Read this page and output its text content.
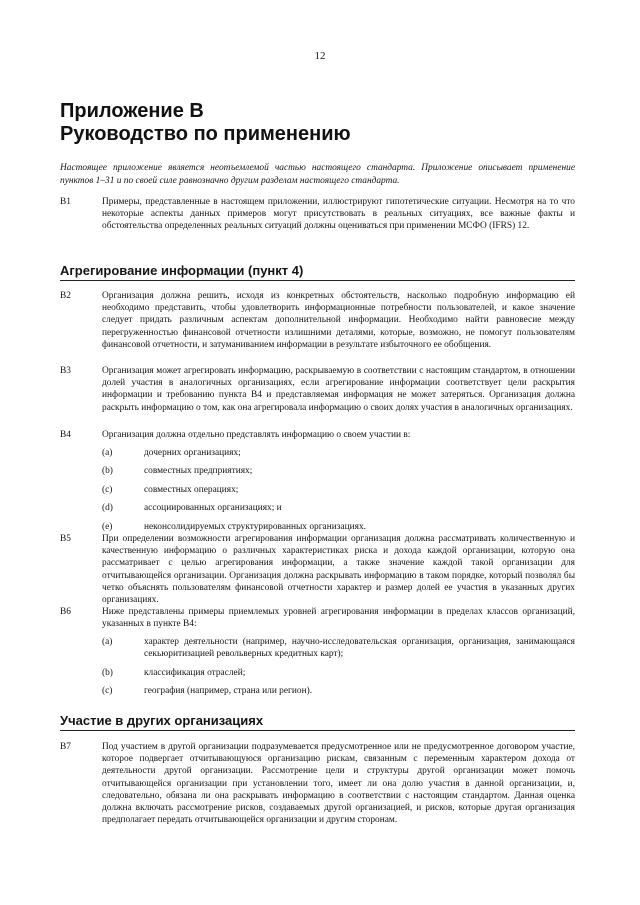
12
Приложение В
Руководство по применению
Настоящее приложение является неотъемлемой частью настоящего стандарта. Приложение описывает применение пунктов 1–31 и по своей силе равнозначно другим разделам настоящего стандарта.
B1	Примеры, представленные в настоящем приложении, иллюстрируют гипотетические ситуации. Несмотря на то что некоторые аспекты данных примеров могут присутствовать в реальных ситуациях, все важные факты и обстоятельства определенных реальных ситуаций должны оцениваться при применении МСФО (IFRS) 12.
Агрегирование информации (пункт 4)
B2	Организация должна решить, исходя из конкретных обстоятельств, насколько подробную информацию ей необходимо представить, чтобы удовлетворить информационные потребности пользователей, и какое значение следует придать различным аспектам дополнительной информации. Необходимо найти равновесие между перегруженностью финансовой отчетности излишними деталями, которые, возможно, не помогут пользователям финансовой отчетности, и затуманиванием информации в результате избыточного ее обобщения.
B3	Организация может агрегировать информацию, раскрываемую в соответствии с настоящим стандартом, в отношении долей участия в аналогичных организациях, если агрегирование информации соответствует цели раскрытия информации и требованию пункта B4 и представляемая информация не может затеряться. Организация должна раскрыть информацию о том, как она агрегировала информацию о своих долях участия в аналогичных организациях.
B4	Организация должна отдельно представлять информацию о своем участии в:
(a)	дочерних организациях;
(b)	совместных предприятиях;
(c)	совместных операциях;
(d)	ассоциированных организациях; и
(e)	неконсолидируемых структурированных организациях.
B5	При определении возможности агрегирования информации организация должна рассматривать количественную и качественную информацию о различных характеристиках риска и дохода каждой организации, которую она рассматривает с целью агрегирования информации, а также значение каждой такой организации для отчитывающейся организации. Организация должна раскрывать информацию в таком порядке, который позволял бы четко объяснять пользователям финансовой отчетности характер и размер долей ее участия в указанных других организациях.
B6	Ниже представлены примеры приемлемых уровней агрегирования информации в пределах классов организаций, указанных в пункте B4:
(a)	характер деятельности (например, научно-исследовательская организация, организация, занимающаяся секьюритизацией револьверных кредитных карт);
(b)	классификация отраслей;
(c)	география (например, страна или регион).
Участие в других организациях
B7	Под участием в другой организации подразумевается предусмотренное или не предусмотренное договором участие, которое подвергает отчитывающуюся организацию рискам, связанным с переменным характером дохода от деятельности другой организации. Рассмотрение цели и структуры другой организации может помочь отчитывающейся организации при установлении того, имеет ли она долю участия в данной организации, и, следовательно, обязана ли она раскрывать информацию в соответствии с настоящим стандартом. Данная оценка должна включать рассмотрение рисков, создаваемых другой организацией, и рисков, которые другая организация предполагает передать отчитывающейся организации и другим сторонам.
